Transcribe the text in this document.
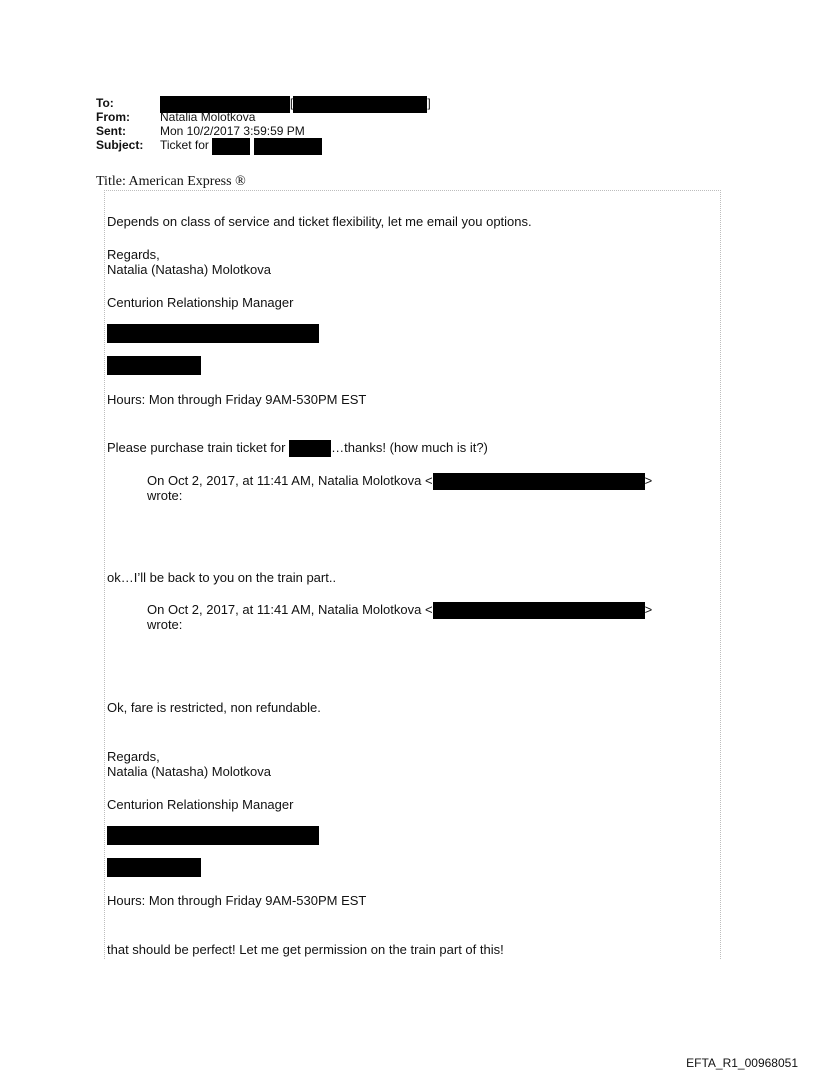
To:	[	]
From:	Natalia Molotkova
Sent:	Mon 10/2/2017 3:59:59 PM
Subject: Ticket for
Title: American Express ®
Depends on class of service and ticket flexibility, let me email you options.
Regards,
Natalia (Natasha) Molotkova
Centurion Relationship Manager
Hours: Mon through Friday 9AM-530PM EST
Please purchase train ticket for	…thanks! (how much is it?)
On Oct 2, 2017, at 11:41 AM, Natalia Molotkova <	>
wrote:
ok…I’ll be back to you on the train part..
On Oct 2, 2017, at 11:41 AM, Natalia Molotkova <	>
wrote:
Ok, fare is restricted, non refundable.
Regards,
Natalia (Natasha) Molotkova
Centurion Relationship Manager
Hours: Mon through Friday 9AM-530PM EST
that should be perfect! Let me get permission on the train part of this!
EFTA_R1_00968051
